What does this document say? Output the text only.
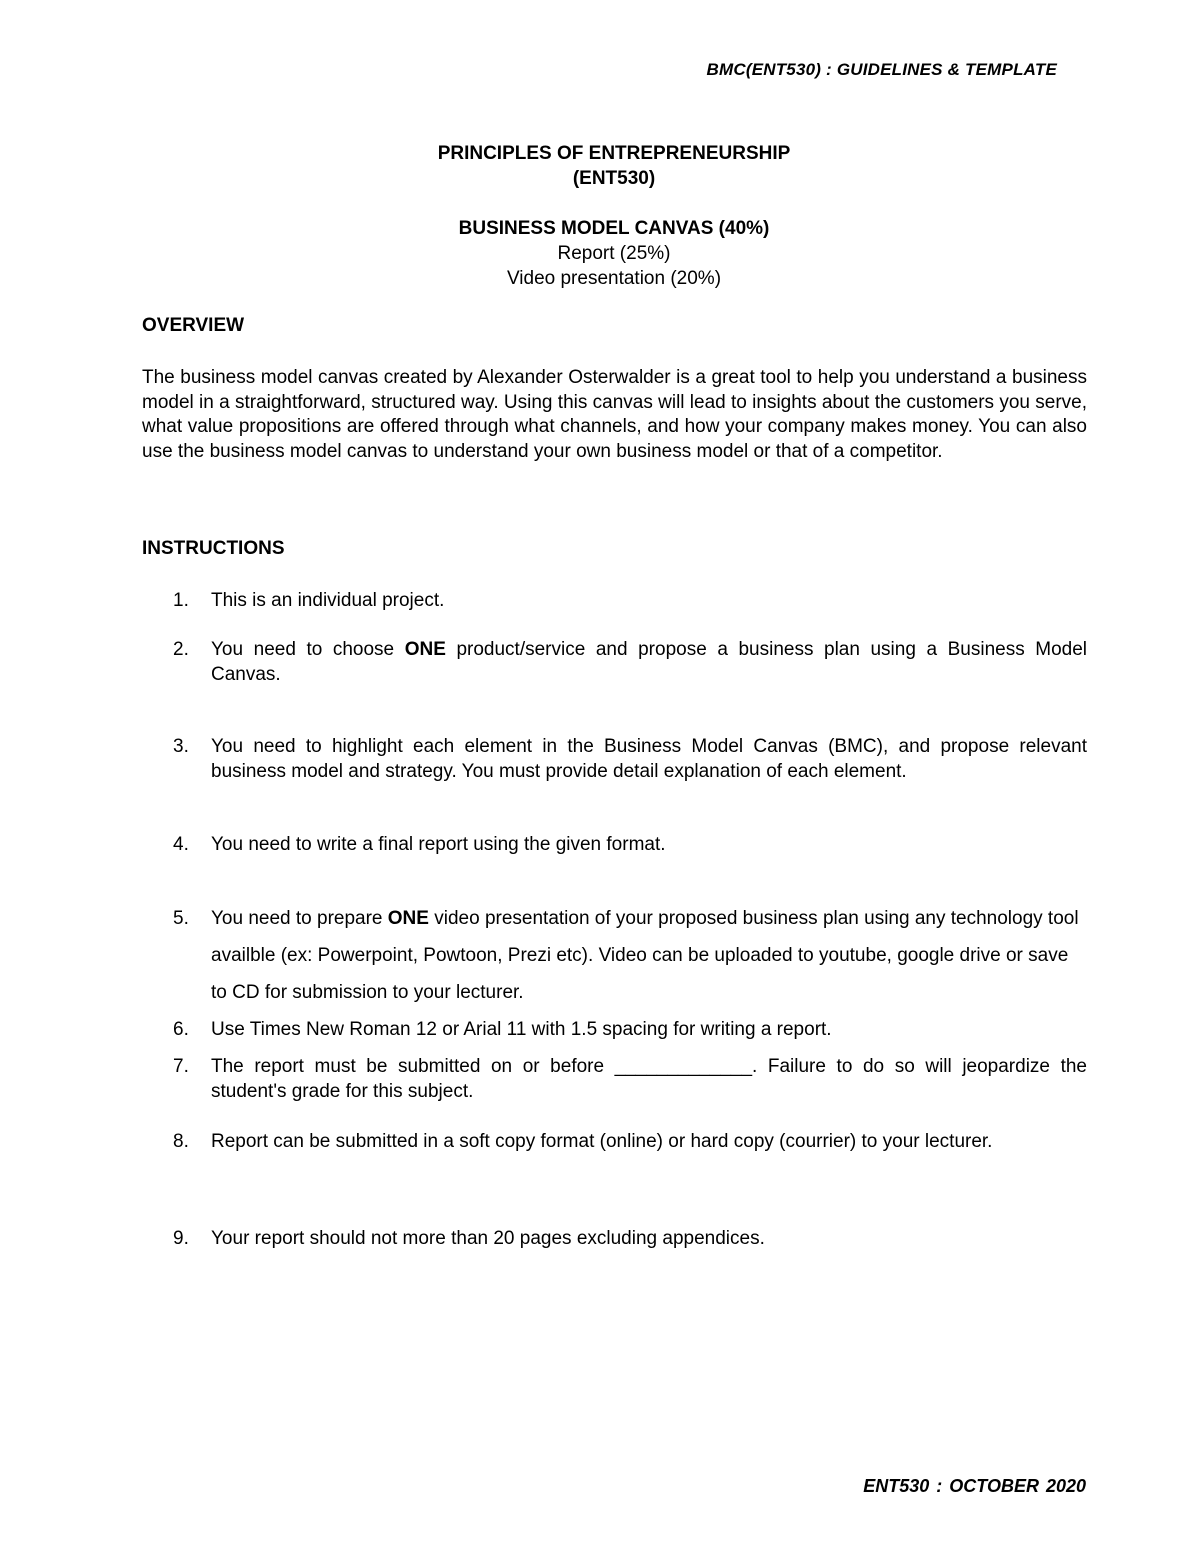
BMC(ENT530) : GUIDELINES & TEMPLATE
PRINCIPLES OF ENTREPRENEURSHIP
(ENT530)
BUSINESS MODEL CANVAS (40%)
Report (25%)
Video presentation (20%)
OVERVIEW
The business model canvas created by Alexander Osterwalder is a great tool to help you understand a business model in a straightforward, structured way. Using this canvas will lead to insights about the customers you serve, what value propositions are offered through what channels, and how your company makes money. You can also use the business model canvas to understand your own business model or that of a competitor.
INSTRUCTIONS
1.	This is an individual project.
2.	You need to choose ONE product/service and propose a business plan using a Business Model Canvas.
3.	You need to highlight each element in the Business Model Canvas (BMC), and propose relevant business model and strategy. You must provide detail explanation of each element.
4.	You need to write a final report using the given format.
5.	You need to prepare ONE video presentation of your proposed business plan using any technology tool availble (ex: Powerpoint, Powtoon, Prezi etc). Video can be uploaded to youtube, google drive or save to CD for submission to your lecturer.
6.	Use Times New Roman 12 or Arial 11 with 1.5 spacing for writing a report.
7.	The report must be submitted on or before _____________. Failure to do so will jeopardize the student's grade for this subject.
8.	Report can be submitted in a soft copy format (online) or hard copy (courrier) to your lecturer.
9.	Your report should not more than 20 pages excluding appendices.
ENT530 : OCTOBER 2020
